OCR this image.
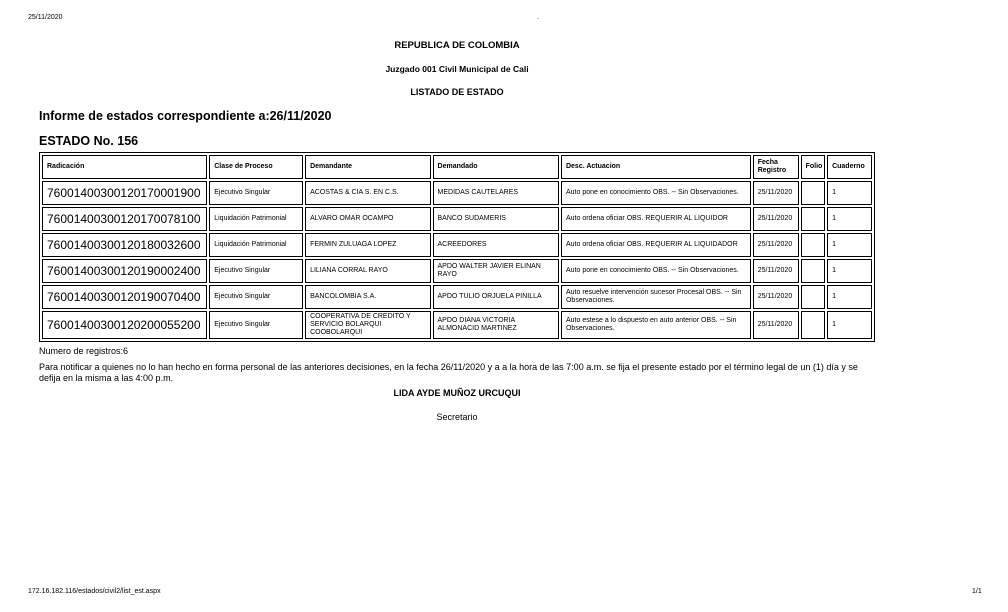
25/11/2020	.
REPUBLICA DE COLOMBIA
Juzgado 001 Civil Municipal de Cali
LISTADO DE ESTADO
Informe de estados correspondiente a:26/11/2020
ESTADO No. 156
Radicación	Clase de Proceso	Demandante	Demandado	Desc. Actuacion	Fecha Registro	Folio	Cuaderno
760014003001201700019​00	Ejecutivo Singular	ACOSTAS & CIA S. EN C.S.	MEDIDAS CAUTELARES	Auto pone en conocimiento OBS. -- Sin Observaciones.	25/11/2020		1
76001400300120170078100	Liquidación Patrimonial	ALVARO OMAR OCAMPO	BANCO SUDAMERIS	Auto ordena oficiar OBS. REQUERIR AL LIQUIDOR	25/11/2020		1
76001400300120180032600	Liquidación Patrimonial	FERMIN ZULUAGA LOPEZ	ACREEDORES	Auto ordena oficiar OBS. REQUERIR AL LIQUIDADOR	25/11/2020		1
76001400300120190002400	Ejecutivo Singular	LILIANA CORRAL RAYO	APDO WALTER JAVIER ELINAN RAYO	Auto pone en conocimiento OBS. -- Sin Observaciones.	25/11/2020		1
76001400300120190070400	Ejecutivo Singular	BANCOLOMBIA S.A.	APDO TULIO ORJUELA PINILLA	Auto resuelve intervención sucesor Procesal OBS. -- Sin Observaciones.	25/11/2020		1
76001400300120200055200	Ejecutivo Singular	COOPERATIVA DE CREDITO Y SERVICIO BOLARQUI COOBOLARQUI	APDO DIANA VICTORIA ALMONACID MARTINEZ	Auto estese a lo dispuesto en auto anterior OBS. -- Sin Observaciones.	25/11/2020		1
Numero de registros:6
Para notificar a quienes no lo han hecho en forma personal de las anteriores decisiones, en la fecha 26/11/2020 y a a la hora de las 7:00 a.m. se fija el presente estado por el término legal de un (1) día y se defija en la misma a las 4:00 p.m.
LIDA AYDE MUÑOZ URCUQUI
Secretario
172.16.182.116/estados/civil2/list_est.aspx	1/1
